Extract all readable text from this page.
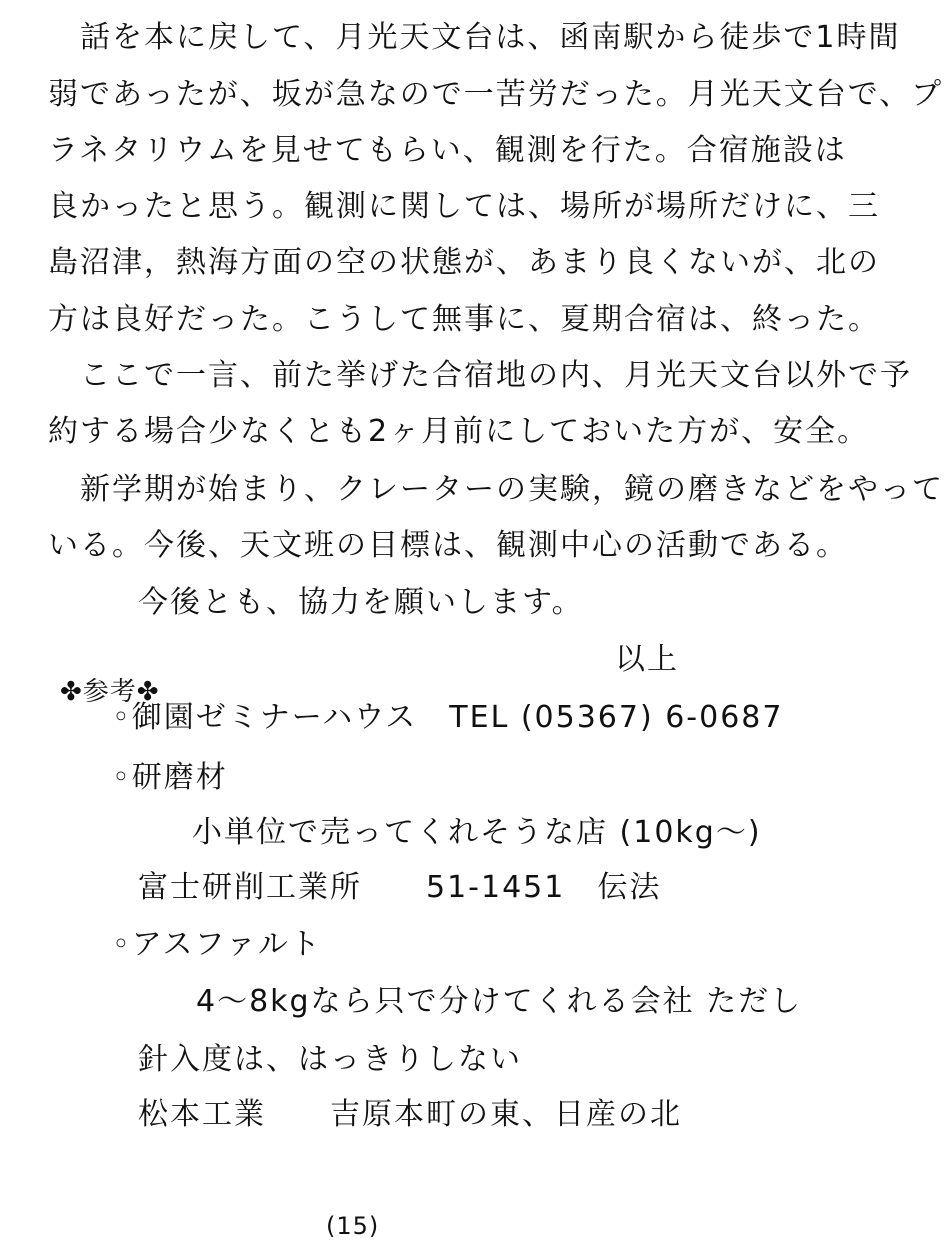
話を本に戻して、月光天文台は、函南駅から徒歩で1時間
弱であったが、坂が急なので一苦労だった。月光天文台で、プ
ラネタリウムを見せてもらい、観測を行た。合宿施設は
良かったと思う。観測に関しては、場所が場所だけに、三
島沼津，熱海方面の空の状態が、あまり良くないが、北の
方は良好だった。こうして無事に、夏期合宿は、終った。
ここで一言、前た挙げた合宿地の内、月光天文台以外で予
約する場合少なくとも2ヶ月前にしておいた方が、安全。
新学期が始まり、クレーターの実験，鏡の磨きなどをやって
いる。今後、天文班の目標は、観測中心の活動である。
今後とも、協力を願いします。
以上
✤参考✤
◦御園ゼミナーハウス　TEL (05367) 6-0687
◦研磨材
小単位で売ってくれそうな店 (10kg～)
富士研削工業所　　51-1451　伝法
◦アスファルト
4～8kgなら只で分けてくれる会社 ただし
針入度は、はっきりしない
松本工業　　吉原本町の東、日産の北
(15)
